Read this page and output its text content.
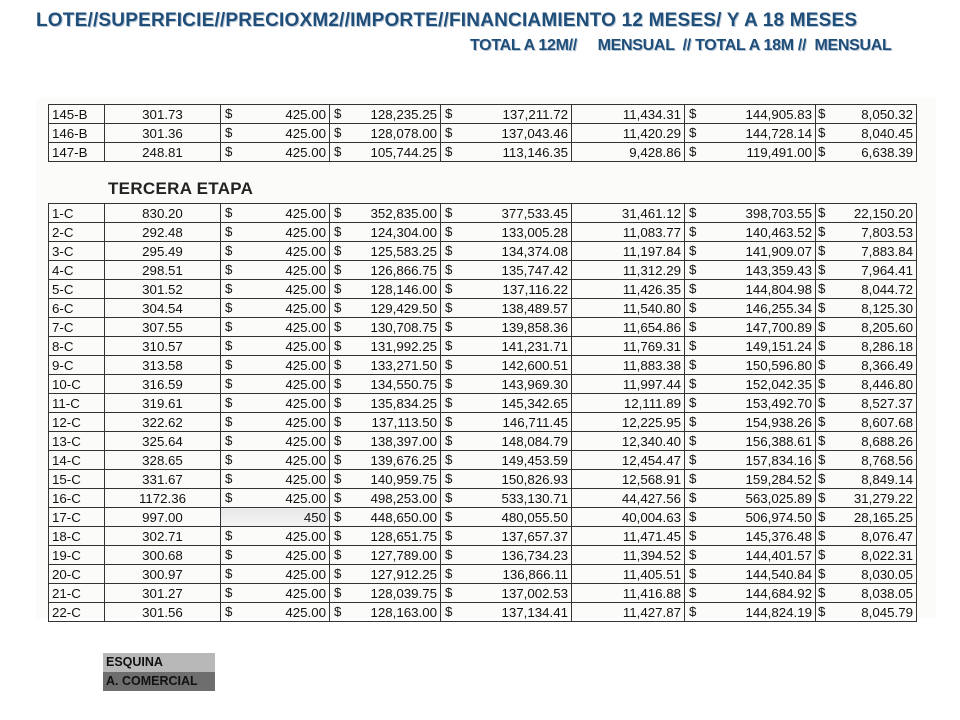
LOTE//SUPERFICIE//PRECIOXM2//IMPORTE//FINANCIAMIENTO 12 MESES/ Y A 18 MESES
TOTAL A 12M//     MENSUAL  // TOTAL A 18M //  MENSUAL
145-B	301.73	$ 425.00	$ 128,235.25	$ 137,211.72	11,434.31	$ 144,905.83	$ 8,050.32
146-B	301.36	$ 425.00	$ 128,078.00	$ 137,043.46	11,420.29	$ 144,728.14	$ 8,040.45
147-B	248.81	$ 425.00	$ 105,744.25	$ 113,146.35	9,428.86	$ 119,491.00	$ 6,638.39
TERCERA ETAPA
1-C	830.20	$ 425.00	$ 352,835.00	$ 377,533.45	31,461.12	$ 398,703.55	$ 22,150.20
2-C	292.48	$ 425.00	$ 124,304.00	$ 133,005.28	11,083.77	$ 140,463.52	$ 7,803.53
3-C	295.49	$ 425.00	$ 125,583.25	$ 134,374.08	11,197.84	$ 141,909.07	$ 7,883.84
4-C	298.51	$ 425.00	$ 126,866.75	$ 135,747.42	11,312.29	$ 143,359.43	$ 7,964.41
5-C	301.52	$ 425.00	$ 128,146.00	$ 137,116.22	11,426.35	$ 144,804.98	$ 8,044.72
6-C	304.54	$ 425.00	$ 129,429.50	$ 138,489.57	11,540.80	$ 146,255.34	$ 8,125.30
7-C	307.55	$ 425.00	$ 130,708.75	$ 139,858.36	11,654.86	$ 147,700.89	$ 8,205.60
8-C	310.57	$ 425.00	$ 131,992.25	$ 141,231.71	11,769.31	$ 149,151.24	$ 8,286.18
9-C	313.58	$ 425.00	$ 133,271.50	$ 142,600.51	11,883.38	$ 150,596.80	$ 8,366.49
10-C	316.59	$ 425.00	$ 134,550.75	$ 143,969.30	11,997.44	$ 152,042.35	$ 8,446.80
11-C	319.61	$ 425.00	$ 135,834.25	$ 145,342.65	12,111.89	$ 153,492.70	$ 8,527.37
12-C	322.62	$ 425.00	$ 137,113.50	$ 146,711.45	12,225.95	$ 154,938.26	$ 8,607.68
13-C	325.64	$ 425.00	$ 138,397.00	$ 148,084.79	12,340.40	$ 156,388.61	$ 8,688.26
14-C	328.65	$ 425.00	$ 139,676.25	$ 149,453.59	12,454.47	$ 157,834.16	$ 8,768.56
15-C	331.67	$ 425.00	$ 140,959.75	$ 150,826.93	12,568.91	$ 159,284.52	$ 8,849.14
16-C	1172.36	$ 425.00	$ 498,253.00	$ 533,130.71	44,427.56	$ 563,025.89	$ 31,279.22
17-C	997.00	450	$ 448,650.00	$ 480,055.50	40,004.63	$ 506,974.50	$ 28,165.25
18-C	302.71	$ 425.00	$ 128,651.75	$ 137,657.37	11,471.45	$ 145,376.48	$ 8,076.47
19-C	300.68	$ 425.00	$ 127,789.00	$ 136,734.23	11,394.52	$ 144,401.57	$ 8,022.31
20-C	300.97	$ 425.00	$ 127,912.25	$ 136,866.11	11,405.51	$ 144,540.84	$ 8,030.05
21-C	301.27	$ 425.00	$ 128,039.75	$ 137,002.53	11,416.88	$ 144,684.92	$ 8,038.05
22-C	301.56	$ 425.00	$ 128,163.00	$ 137,134.41	11,427.87	$ 144,824.19	$ 8,045.79
ESQUINA
A. COMERCIAL
